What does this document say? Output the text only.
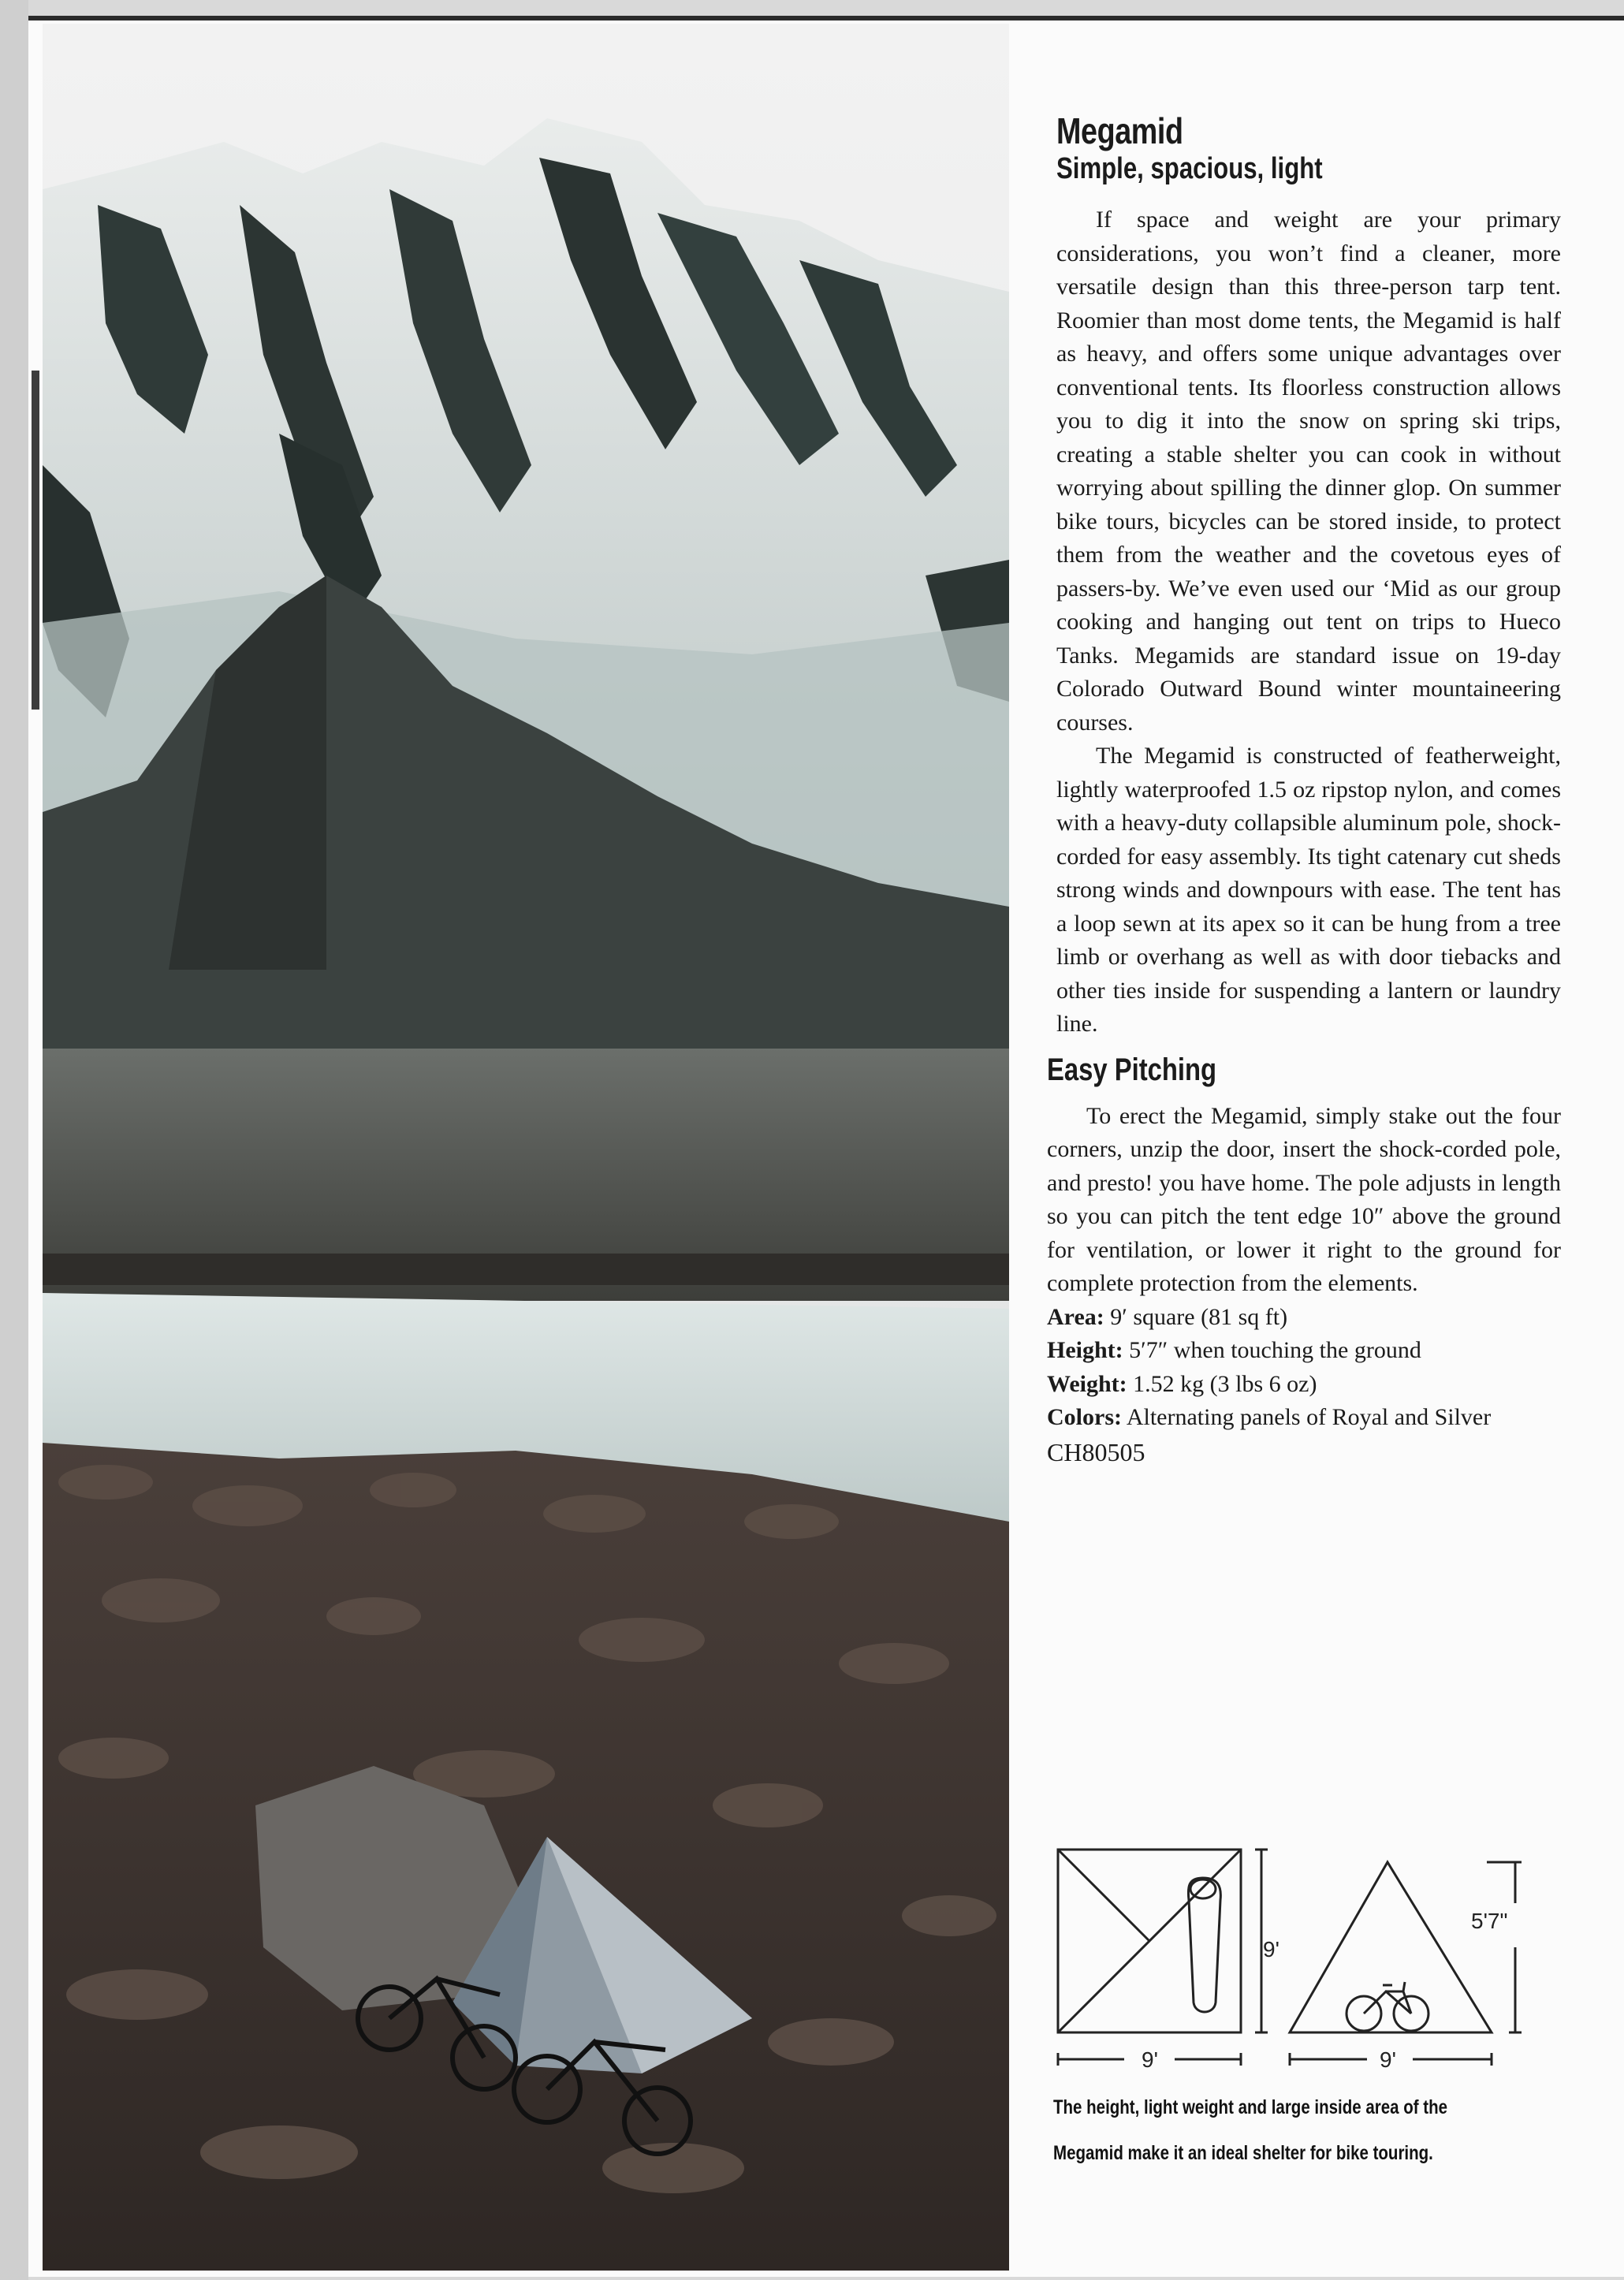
Megamid
Simple, spacious, light

If space and weight are your primary considerations, you won’t find a cleaner, more versatile design than this three-person tarp tent. Roomier than most dome tents, the Megamid is half as heavy, and offers some unique advantages over conventional tents. Its floorless construction allows you to dig it into the snow on spring ski trips, creating a stable shelter you can cook in without worrying about spilling the dinner glop. On summer bike tours, bicycles can be stored inside, to protect them from the weather and the covetous eyes of passers-by. We’ve even used our ‘Mid as our group cooking and hanging out tent on trips to Hueco Tanks. Megamids are standard issue on 19-day Colorado Outward Bound winter mountaineering courses.

The Megamid is constructed of featherweight, lightly waterproofed 1.5 oz ripstop nylon, and comes with a heavy-duty collapsible aluminum pole, shock-corded for easy assembly. Its tight catenary cut sheds strong winds and downpours with ease. The tent has a loop sewn at its apex so it can be hung from a tree limb or overhang as well as with door tiebacks and other ties inside for suspending a lantern or laundry line.

Easy Pitching

To erect the Megamid, simply stake out the four corners, unzip the door, insert the shock-corded pole, and presto! you have home. The pole adjusts in length so you can pitch the tent edge 10″ above the ground for ventilation, or lower it right to the ground for complete protection from the elements.

Area: 9′ square (81 sq ft)
Height: 5′7″ when touching the ground
Weight: 1.52 kg (3 lbs 6 oz)
Colors: Alternating panels of Royal and Silver
CH80505
9'
9'
5'7"
9'
The height, light weight and large inside area of the
Megamid make it an ideal shelter for bike touring.
